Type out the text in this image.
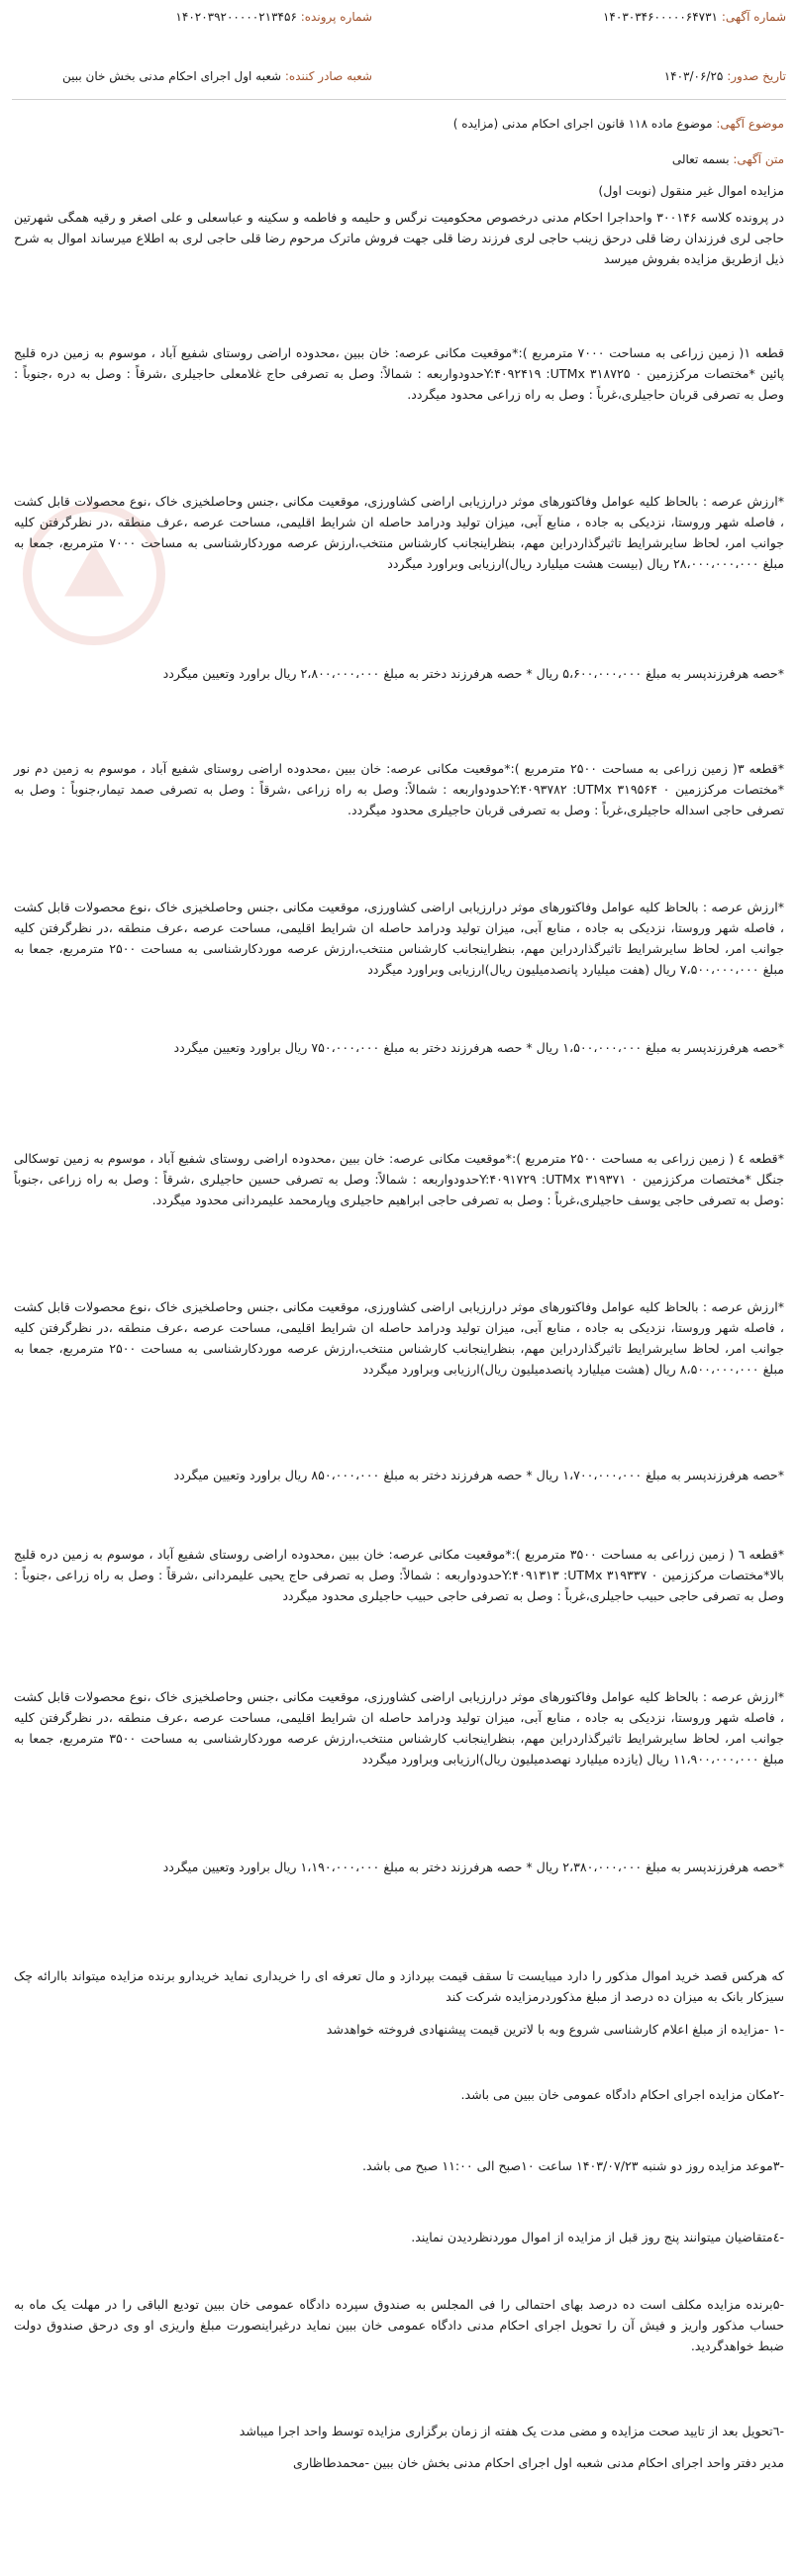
شماره آگهی: ۱۴۰۳۰۳۴۶۰۰۰۰۰۶۴۷۳۱
شماره پرونده: ۱۴۰۲۰۳۹۲۰۰۰۰۰۲۱۳۴۵۶
تاریخ صدور: ۱۴۰۳/۰۶/۲۵
شعبه صادر کننده: شعبه اول اجرای احکام مدنی بخش خان ببین
موضوع آگهی: موضوع ماده ۱۱۸ قانون اجرای احکام مدنی (مزایده )
متن آگهی: بسمه تعالی

مزایده اموال غیر منقول (نوبت اول)

در پرونده کلاسه ۳۰۰۱۴۶ واحداجرا احکام مدنی درخصوص محکومیت نرگس و حلیمه و فاطمه و سکینه و عباسعلی و علی اصغر و رقیه همگی شهرتین حاجی لری فرزندان رضا قلی درحق زینب حاجی لری فرزند رضا قلی جهت فروش ماترک مرحوم رضا قلی حاجی لری به اطلاع میرساند اموال به شرح ذیل ازطریق مزایده بفروش میرسد

قطعه ۱( زمین زراعی به مساحت ۷۰۰۰ مترمربع ):*موقعیت مکانی عرصه: خان ببین ،محدوده اراضی روستای شفیع آباد ، موسوم به زمین دره قلیج پائین *مختصات مرکززمین ۰ Y:۴۰۹۲۴۱۹ :UTMx ۳۱۸۷۲۵حدودواربعه : شمالاً: وصل به تصرفی حاج غلامعلی حاجیلری ،شرقاً : وصل به دره ،جنوباً : وصل به تصرفی قربان حاجیلری،غرباً : وصل به راه زراعی محدود میگردد.
*ارزش عرصه : بالحاظ کلیه عوامل وفاکتورهای موثر درارزیابی اراضی کشاورزی، موقعیت مکانی ،جنس وحاصلخیزی خاک ،نوع محصولات قابل کشت ، فاصله شهر وروستا، نزدیکی به جاده ، منابع آبی، میزان تولید ودرامد حاصله ان شرایط اقلیمی، مساحت عرصه ،عرف منطقه ،در نظرگرفتن کلیه جوانب امر، لحاظ سایرشرایط تاثیرگذاردراین مهم، بنظراینجانب کارشناس منتخب،ارزش عرصه موردکارشناسی به مساحت ۷۰۰۰ مترمربع، جمعا به مبلغ ۲۸،۰۰۰،۰۰۰،۰۰۰ ریال (بیست هشت میلیارد ریال)ارزیابی وبراورد میگردد
*حصه هرفرزندپسر به مبلغ ۵،۶۰۰،۰۰۰،۰۰۰ ریال * حصه هرفرزند دختر به مبلغ ۲،۸۰۰،۰۰۰،۰۰۰ ریال براورد وتعیین میگردد
*قطعه ۳( زمین زراعی به مساحت ۲۵۰۰ مترمربع ):*موقعیت مکانی عرصه: خان ببین ،محدوده اراضی روستای شفیع آباد ، موسوم به زمین دم نور *مختصات مرکززمین ۰ Y:۴۰۹۳۷۸۲ :UTMx ۳۱۹۵۶۴حدودواربعه : شمالاً: وصل به راه زراعی ،شرقاً : وصل به تصرفی صمد تیمار،جنوباً : وصل به تصرفی حاجی اسداله حاجیلری،غرباً : وصل به تصرفی قربان حاجیلری محدود میگردد.
*ارزش عرصه : بالحاظ کلیه عوامل وفاکتورهای موثر درارزیابی اراضی کشاورزی، موقعیت مکانی ،جنس وحاصلخیزی خاک ،نوع محصولات قابل کشت ، فاصله شهر وروستا، نزدیکی به جاده ، منابع آبی، میزان تولید ودرامد حاصله ان شرایط اقلیمی، مساحت عرصه ،عرف منطقه ،در نظرگرفتن کلیه جوانب امر، لحاظ سایرشرایط تاثیرگذاردراین مهم، بنظراینجانب کارشناس منتخب،ارزش عرصه موردکارشناسی به مساحت ۲۵۰۰ مترمربع، جمعا به مبلغ ۷،۵۰۰،۰۰۰،۰۰۰ ریال (هفت میلیارد پانصدمیلیون ریال)ارزیابی وبراورد میگردد
*حصه هرفرزندپسر به مبلغ ۱،۵۰۰،۰۰۰،۰۰۰ ریال * حصه هرفرزند دختر به مبلغ ۷۵۰،۰۰۰،۰۰۰ ریال براورد وتعیین میگردد
*قطعه ٤ ( زمین زراعی به مساحت ۲۵۰۰ مترمربع ):*موقعیت مکانی عرصه: خان ببین ،محدوده اراضی روستای شفیع آباد ، موسوم به زمین توسکالی جنگل *مختصات مرکززمین ۰ Y:۴۰۹۱۷۲۹ :UTMx ۳۱۹۳۷۱حدودواربعه : شمالاً: وصل به تصرفی حسین حاجیلری ،شرقاً : وصل به راه زراعی ،جنوباً :وصل به تصرفی حاجی یوسف حاجیلری،غرباً : وصل به تصرفی حاجی ابراهیم حاجیلری وپارمحمد علیمردانی محدود میگردد.
*ارزش عرصه : بالحاظ کلیه عوامل وفاکتورهای موثر درارزیابی اراضی کشاورزی، موقعیت مکانی ،جنس وحاصلخیزی خاک ،نوع محصولات قابل کشت ، فاصله شهر وروستا، نزدیکی به جاده ، منابع آبی، میزان تولید ودرامد حاصله ان شرایط اقلیمی، مساحت عرصه ،عرف منطقه ،در نظرگرفتن کلیه جوانب امر، لحاظ سایرشرایط تاثیرگذاردراین مهم، بنظراینجانب کارشناس منتخب،ارزش عرصه موردکارشناسی به مساحت ۲۵۰۰ مترمربع، جمعا به مبلغ ۸،۵۰۰،۰۰۰،۰۰۰ ریال (هشت میلیارد پانصدمیلیون ریال)ارزیابی وبراورد میگردد
*حصه هرفرزندپسر به مبلغ ۱،۷۰۰،۰۰۰،۰۰۰ ریال * حصه هرفرزند دختر به مبلغ ۸۵۰،۰۰۰،۰۰۰ ریال براورد وتعیین میگردد
*قطعه ٦ ( زمین زراعی به مساحت ۳۵۰۰ مترمربع ):*موقعیت مکانی عرصه: خان ببین ،محدوده اراضی روستای شفیع آباد ، موسوم به زمین دره قلیج بالا*مختصات مرکززمین ۰ Y:۴۰۹۱۳۱۳ :UTMx ۳۱۹۳۳۷حدودواربعه : شمالاً: وصل به تصرفی حاج یحیی علیمردانی ،شرقاً : وصل به راه زراعی ،جنوباً : وصل به تصرفی حاجی حبیب حاجیلری،غرباً : وصل به تصرفی حاجی حبیب حاجیلری محدود میگردد
*ارزش عرصه : بالحاظ کلیه عوامل وفاکتورهای موثر درارزیابی اراضی کشاورزی، موقعیت مکانی ،جنس وحاصلخیزی خاک ،نوع محصولات قابل کشت ، فاصله شهر وروستا، نزدیکی به جاده ، منابع آبی، میزان تولید ودرامد حاصله ان شرایط اقلیمی، مساحت عرصه ،عرف منطقه ،در نظرگرفتن کلیه جوانب امر، لحاظ سایرشرایط تاثیرگذاردراین مهم، بنظراینجانب کارشناس منتخب،ارزش عرصه موردکارشناسی به مساحت ۳۵۰۰ مترمربع، جمعا به مبلغ ۱۱،۹۰۰،۰۰۰،۰۰۰ ریال (یازده میلیارد نهصدمیلیون ریال)ارزیابی وبراورد میگردد
*حصه هرفرزندپسر به مبلغ ۲،۳۸۰،۰۰۰،۰۰۰ ریال * حصه هرفرزند دختر به مبلغ ۱،۱۹۰،۰۰۰،۰۰۰ ریال براورد وتعیین میگردد
که هرکس قصد خرید اموال مذکور را دارد میبایست تا سقف قیمت بپردازد و مال تعرفه ای را خریداری نماید خریدارو برنده مزایده میتواند باارائه چک سیزکار بانک به میزان ده درصد از مبلغ مذکوردرمزایده شرکت کند
-۱ -مزایده از مبلغ اعلام کارشناسی شروع وبه با لاترین قیمت پیشنهادی فروخته خواهدشد
-۲مکان مزایده اجرای احکام دادگاه عمومی خان ببین می باشد.
-۳موعد مزایده روز دو شنبه ۱۴۰۳/۰۷/۲۳ ساعت ۱۰صبح الی ۱۱:۰۰ صبح می باشد.
-٤متقاضیان میتوانند پنج روز قبل از مزایده از اموال موردنظردیدن نمایند.
-۵برنده مزایده مکلف است ده درصد بهای احتمالی را فی المجلس به صندوق سپرده دادگاه عمومی خان ببین تودیع الباقی را در مهلت یک ماه به حساب مذکور واریز و فیش آن را تحویل اجرای احکام مدنی دادگاه عمومی خان ببین نماید درغیراینصورت مبلغ واریزی او وی درحق صندوق دولت ضبط خواهدگردید.
-٦تحویل بعد از تایید صحت مزایده و مضی مدت یک هفته از زمان برگزاری مزایده توسط واحد اجرا میباشد
مدیر دفتر واحد اجرای احکام مدنی شعبه اول اجرای احکام مدنی بخش خان ببین -محمدطاظاری
